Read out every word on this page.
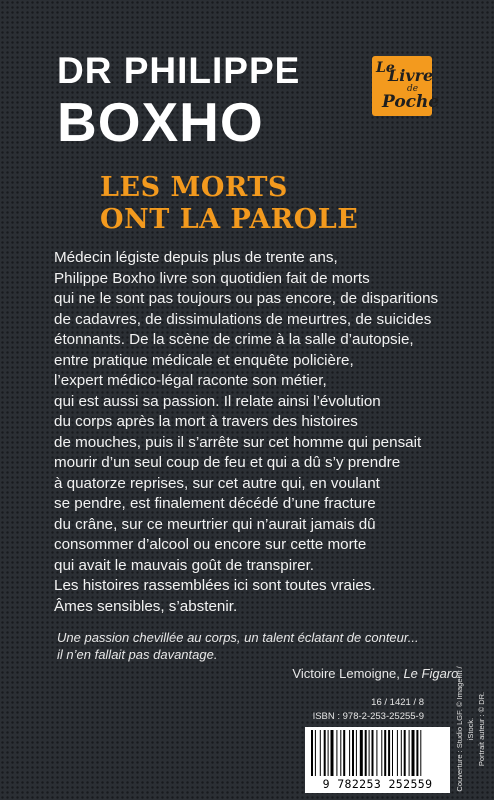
DR PHILIPPE
BOXHO
Le
Livre
de
Poche
LES MORTS
ONT LA PAROLE
Médecin légiste depuis plus de trente ans,
Philippe Boxho livre son quotidien fait de morts
qui ne le sont pas toujours ou pas encore, de disparitions
de cadavres, de dissimulations de meurtres, de suicides
étonnants. De la scène de crime à la salle d’autopsie,
entre pratique médicale et enquête policière,
l’expert médico-légal raconte son métier,
qui est aussi sa passion. Il relate ainsi l’évolution
du corps après la mort à travers des histoires
de mouches, puis il s’arrête sur cet homme qui pensait
mourir d’un seul coup de feu et qui a dû s’y prendre
à quatorze reprises, sur cet autre qui, en voulant
se pendre, est finalement décédé d’une fracture
du crâne, sur ce meurtrier qui n’aurait jamais dû
consommer d’alcool ou encore sur cette morte
qui avait le mauvais goût de transpirer.
Les histoires rassemblées ici sont toutes vraies.
Âmes sensibles, s’abstenir.
Une passion chevillée au corps, un talent éclatant de conteur...
il n’en fallait pas davantage.
Victoire Lemoigne, Le Figaro.
16 / 1421 / 8
ISBN : 978-2-253-25255-9
9 782253 252559	Couverture : Studio LGF. © Imagehit / iStock. Portrait auteur : © DR.
